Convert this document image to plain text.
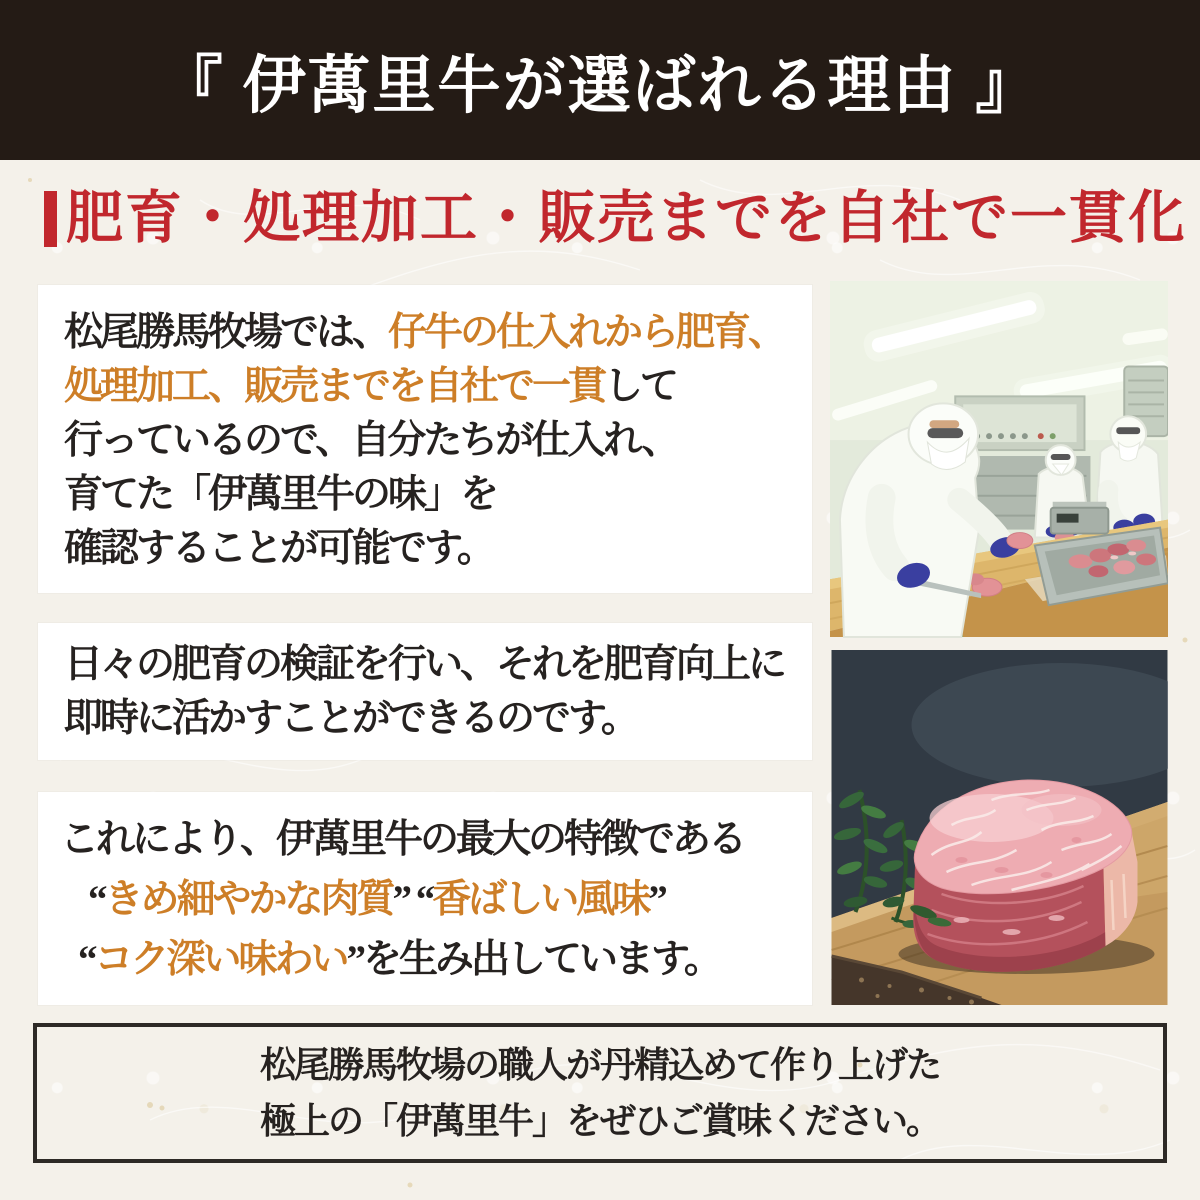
『 伊萬里牛が選ばれる理由 』
肥育・処理加工・販売までを自社で一貫化
松尾勝馬牧場では、仔牛の仕入れから肥育、
処理加工、販売までを自社で一貫して
行っているので、自分たちが仕入れ、
育てた「伊萬里牛の味」を
確認することが可能です。
日々の肥育の検証を行い、それを肥育向上に
即時に活かすことができるのです。
これにより、伊萬里牛の最大の特徴である
“きめ細やかな肉質” “香ばしい風味”
“コク深い味わい”を生み出しています。
松尾勝馬牧場の職人が丹精込めて作り上げた
極上の「伊萬里牛」をぜひご賞味ください。
